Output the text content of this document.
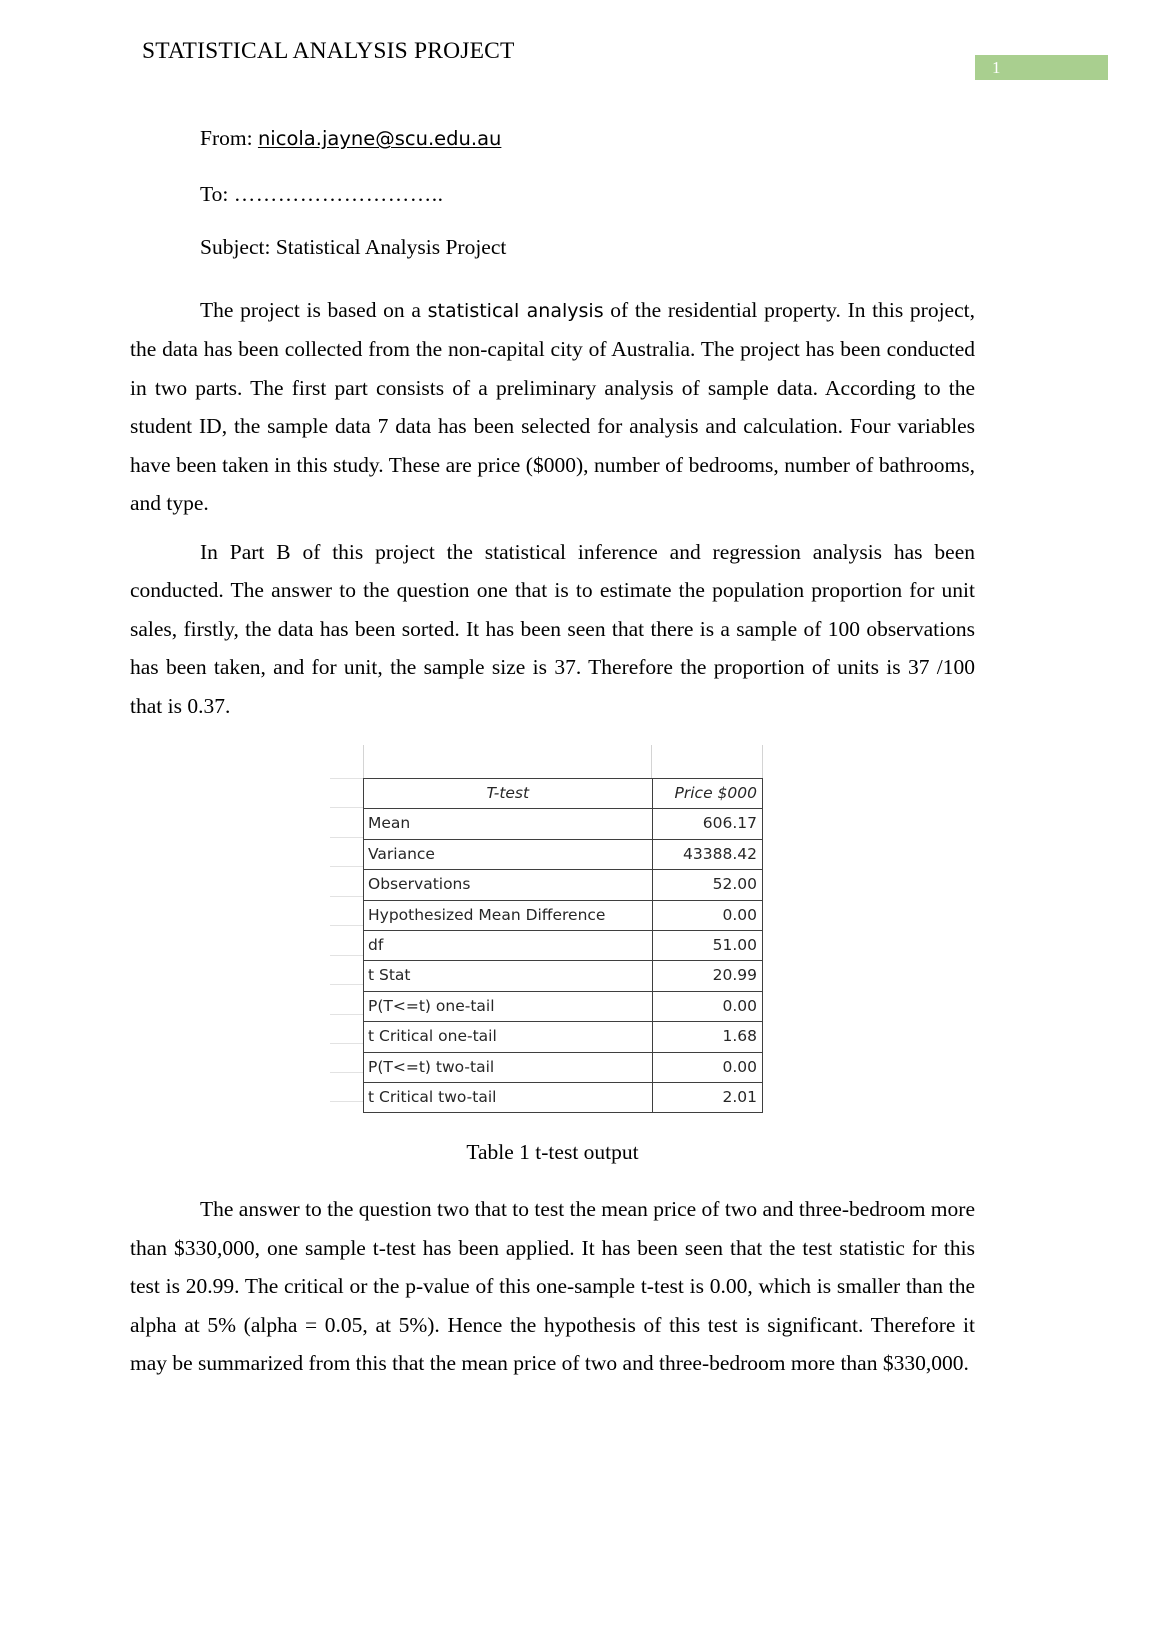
STATISTICAL ANALYSIS PROJECT
1
From: nicola.jayne@scu.edu.au
To: ………………………..
Subject: Statistical Analysis Project

The project is based on a statistical analysis of the residential property. In this project, the data has been collected from the non-capital city of Australia. The project has been conducted in two parts. The first part consists of a preliminary analysis of sample data. According to the student ID, the sample data 7 data has been selected for analysis and calculation. Four variables have been taken in this study. These are price ($000), number of bedrooms, number of bathrooms, and type.

In Part B of this project the statistical inference and regression analysis has been conducted. The answer to the question one that is to estimate the population proportion for unit sales, firstly, the data has been sorted. It has been seen that there is a sample of 100 observations has been taken, and for unit, the sample size is 37. Therefore the proportion of units is 37 /100 that is 0.37.

T-test	Price $000
Mean	606.17
Variance	43388.42
Observations	52.00
Hypothesized Mean Difference	0.00
df	51.00
t Stat	20.99
P(T<=t) one-tail	0.00
t Critical one-tail	1.68
P(T<=t) two-tail	0.00
t Critical two-tail	2.01
Table 1 t-test output

The answer to the question two that to test the mean price of two and three-bedroom more than $330,000, one sample t-test has been applied. It has been seen that the test statistic for this test is 20.99. The critical or the p-value of this one-sample t-test is 0.00, which is smaller than the alpha at 5% (alpha = 0.05, at 5%). Hence the hypothesis of this test is significant. Therefore it may be summarized from this that the mean price of two and three-bedroom more than $330,000.
